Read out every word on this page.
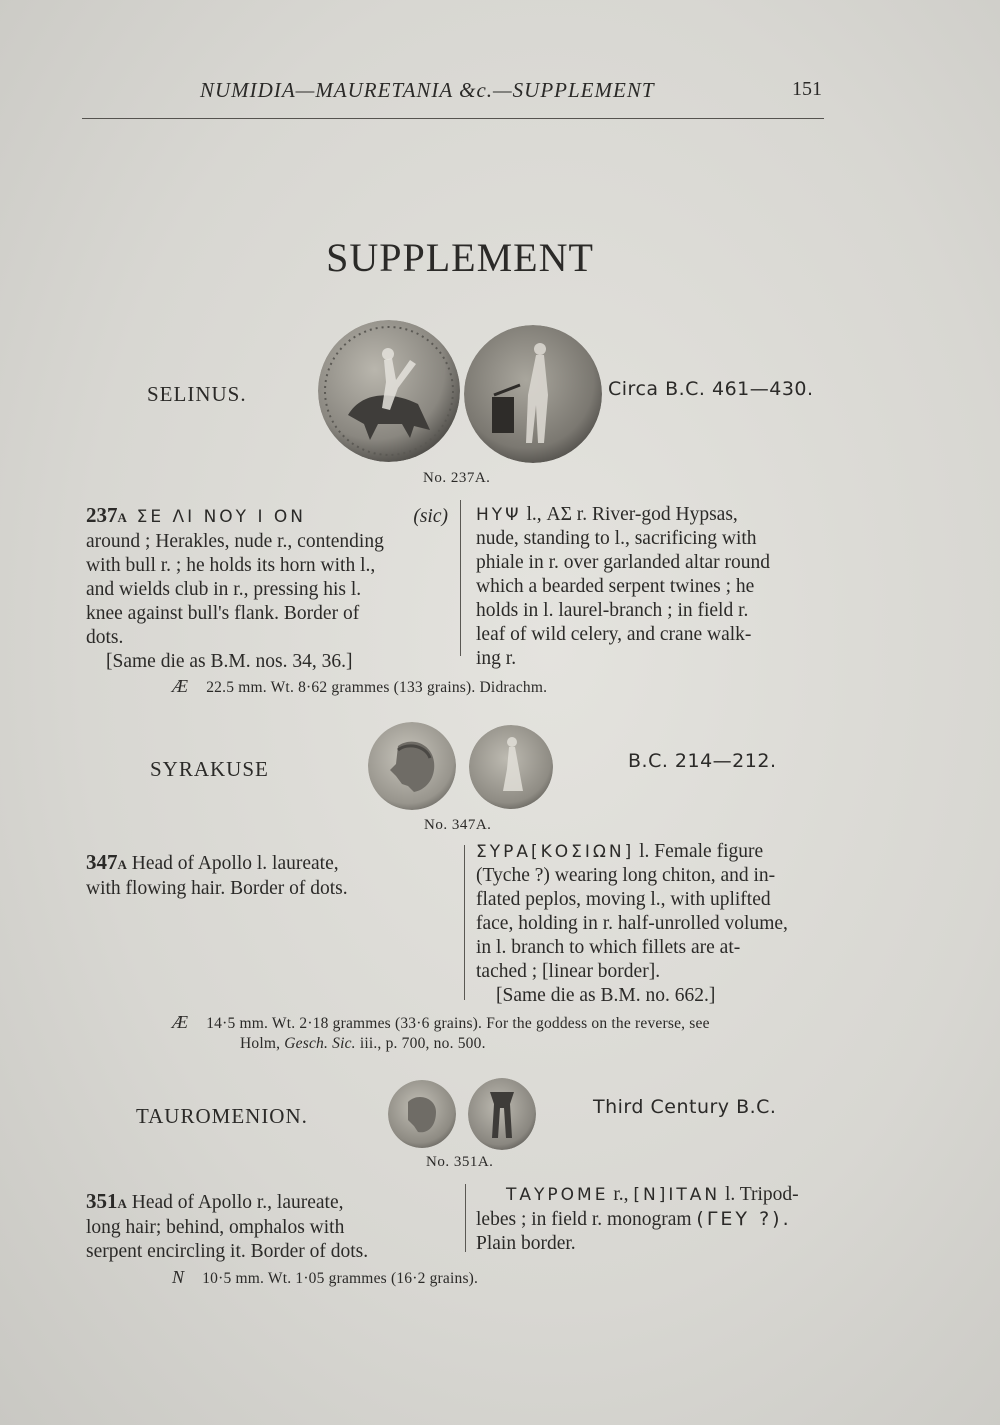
NUMIDIA—MAURETANIA &c.—SUPPLEMENT	151
SUPPLEMENT
SELINUS.	Circa B.C. 461—430.
No. 237A.
237A ΣΕ ΛΙ ΝΟΥ Ι ΟΝ	(sic)
around ; Herakles, nude r., contending
with bull r. ; he holds its horn with l.,
and wields club in r., pressing his l.
knee against bull's flank. Border of
dots.
[Same die as B.M. nos. 34, 36.]
ΗΥΨ l., ΑΣ r. River-god Hypsas,
nude, standing to l., sacrificing with
phiale in r. over garlanded altar round
which a bearded serpent twines ; he
holds in l. laurel-branch ; in field r.
leaf of wild celery, and crane walk-
ing r.
Æ 22.5 mm. Wt. 8·62 grammes (133 grains). Didrachm.
SYRAKUSE	B.C. 214—212.
No. 347A.
347A Head of Apollo l. laureate,
with flowing hair. Border of dots.
ΣΥΡΑ[ΚΟΣΙΩΝ] l. Female figure
(Tyche ?) wearing long chiton, and in-
flated peplos, moving l., with uplifted
face, holding in r. half-unrolled volume,
in l. branch to which fillets are at-
tached ; [linear border].
[Same die as B.M. no. 662.]
Æ 14·5 mm. Wt. 2·18 grammes (33·6 grains). For the goddess on the reverse, see
Holm, Gesch. Sic. iii., p. 700, no. 500.
TAUROMENION.	Third Century B.C.
No. 351A.
351A Head of Apollo r., laureate,
long hair; behind, omphalos with
serpent encircling it. Border of dots.
ΤΑΥΡΟΜΕ r., [Ν]ΙΤΑΝ l. Tripod-
lebes ; in field r. monogram (ΓΕΥ ?).
Plain border.
N 10·5 mm. Wt. 1·05 grammes (16·2 grains).
